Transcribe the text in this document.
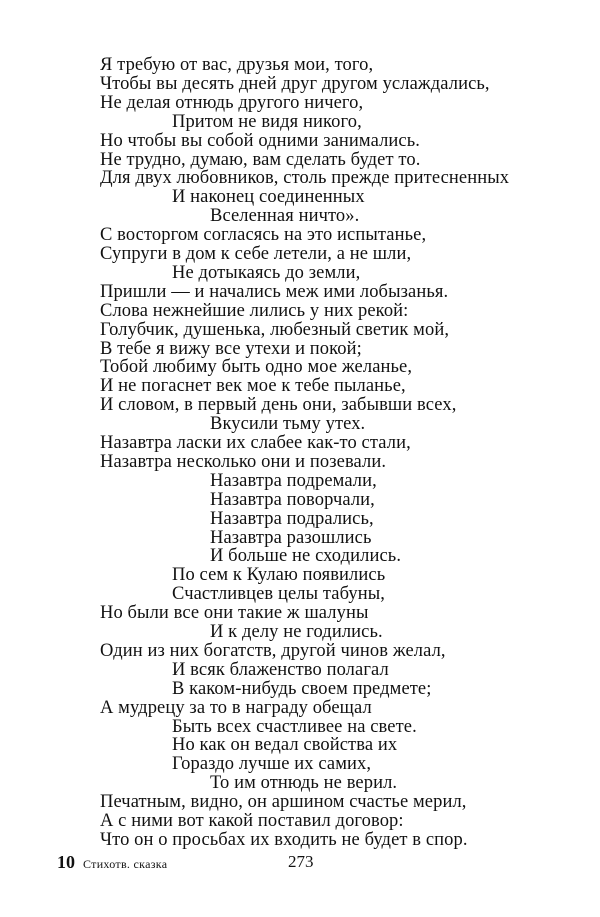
Я требую от вас, друзья мои, того,
Чтобы вы десять дней друг другом услаждались,
Не делая отнюдь другого ничего,
Притом не видя никого,
Но чтобы вы собой одними занимались.
Не трудно, думаю, вам сделать будет то.
Для двух любовников, столь прежде притесненных
И наконец соединенных
Вселенная ничто».
С восторгом согласясь на это испытанье,
Супруги в дом к себе летели, а не шли,
Не дотыкаясь до земли,
Пришли — и начались меж ими лобызанья.
Слова нежнейшие лились у них рекой:
Голубчик, душенька, любезный светик мой,
В тебе я вижу все утехи и покой;
Тобой любиму быть одно мое желанье,
И не погаснет век мое к тебе пыланье,
И словом, в первый день они, забывши всех,
Вкусили тьму утех.
Назавтра ласки их слабее как-то стали,
Назавтра несколько они и позевали.
Назавтра подремали,
Назавтра поворчали,
Назавтра подрались,
Назавтра разошлись
И больше не сходились.
По сем к Кулаю появились
Счастливцев целы табуны,
Но были все они такие ж шалуны
И к делу не годились.
Один из них богатств, другой чинов желал,
И всяк блаженство полагал
В каком-нибудь своем предмете;
А мудрецу за то в награду обещал
Быть всех счастливее на свете.
Но как он ведал свойства их
Гораздо лучше их самих,
То им отнюдь не верил.
Печатным, видно, он аршином счастье мерил,
А с ними вот какой поставил договор:
Что он о просьбах их входить не будет в спор.
10 Стихотв. сказка	273
